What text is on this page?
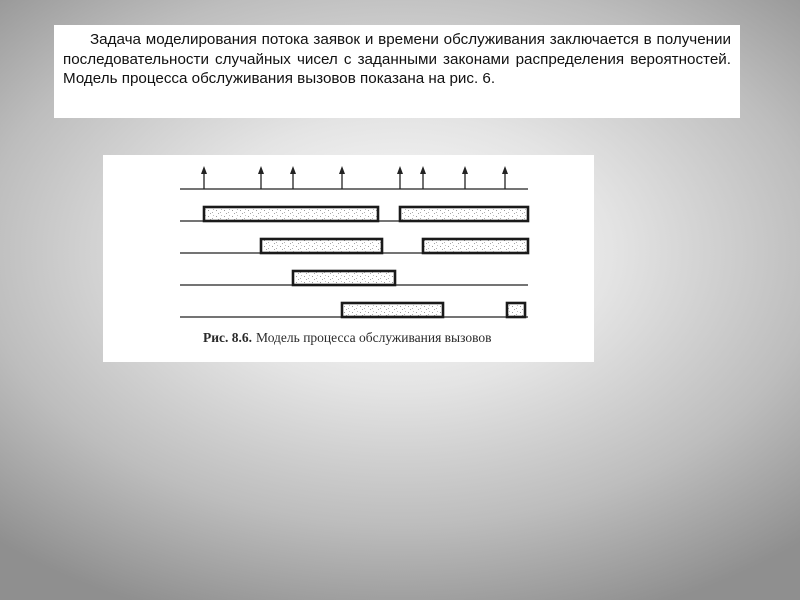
Задача моделирования потока заявок и времени обслуживания заключается в получении последовательности случайных чисел с заданными законами распределения вероятностей. Модель процесса обслуживания вызовов показана на рис. 6.

Рис. 8.6. Модель процесса обслуживания вызовов
